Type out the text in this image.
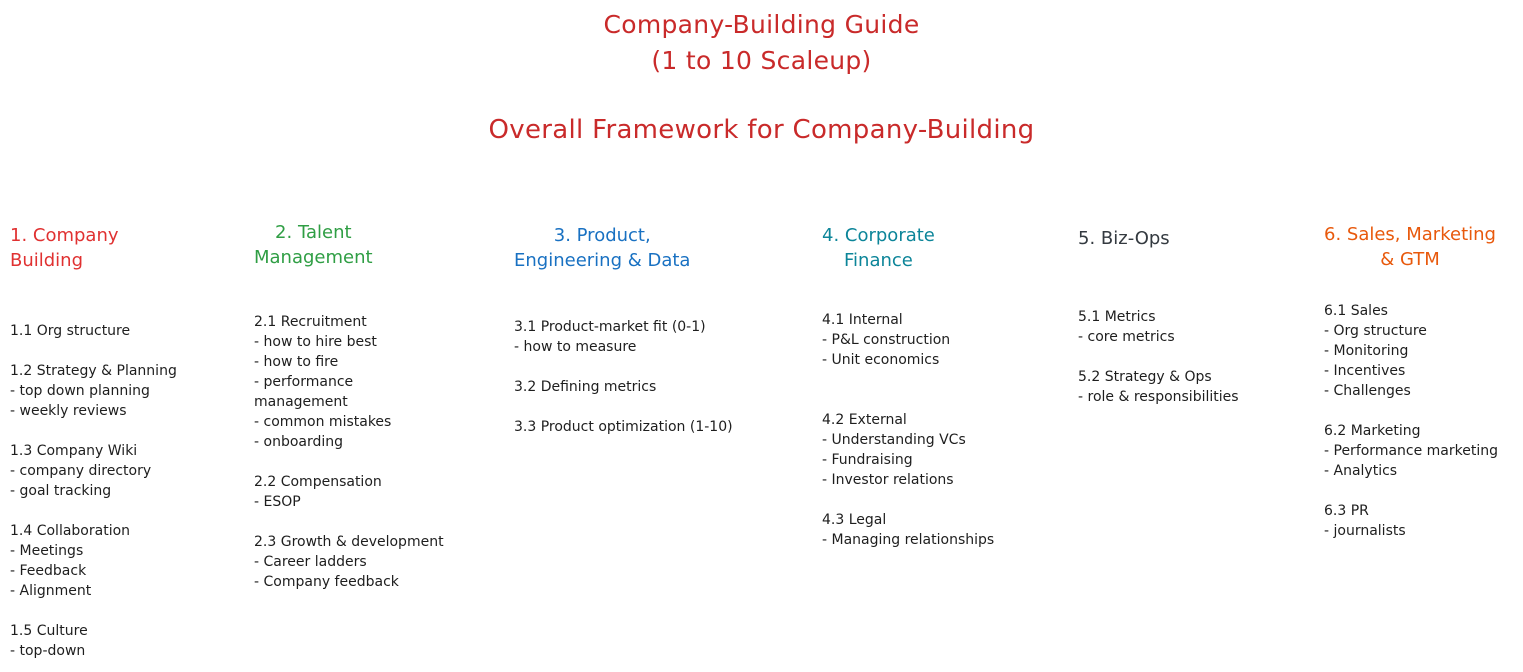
Company-Building Guide
(1 to 10 Scaleup)
Overall Framework for Company-Building
1. Company
Building
1.1 Org structure
1.2 Strategy & Planning
- top down planning
- weekly reviews
1.3 Company Wiki
- company directory
- goal tracking
1.4 Collaboration
- Meetings
- Feedback
- Alignment
1.5 Culture
- top-down
2. Talent
Management
2.1 Recruitment
- how to hire best
- how to fire
- performance
management
- common mistakes
- onboarding
2.2 Compensation
- ESOP
2.3 Growth & development
- Career ladders
- Company feedback
3. Product,
Engineering & Data
3.1 Product-market fit (0-1)
- how to measure
3.2 Defining metrics
3.3 Product optimization (1-10)
4. Corporate
Finance
4.1 Internal
- P&L construction
- Unit economics
4.2 External
- Understanding VCs
- Fundraising
- Investor relations
4.3 Legal
- Managing relationships
5. Biz-Ops
5.1 Metrics
- core metrics
5.2 Strategy & Ops
- role & responsibilities
6. Sales, Marketing
& GTM
6.1 Sales
- Org structure
- Monitoring
- Incentives
- Challenges
6.2 Marketing
- Performance marketing
- Analytics
6.3 PR
- journalists
